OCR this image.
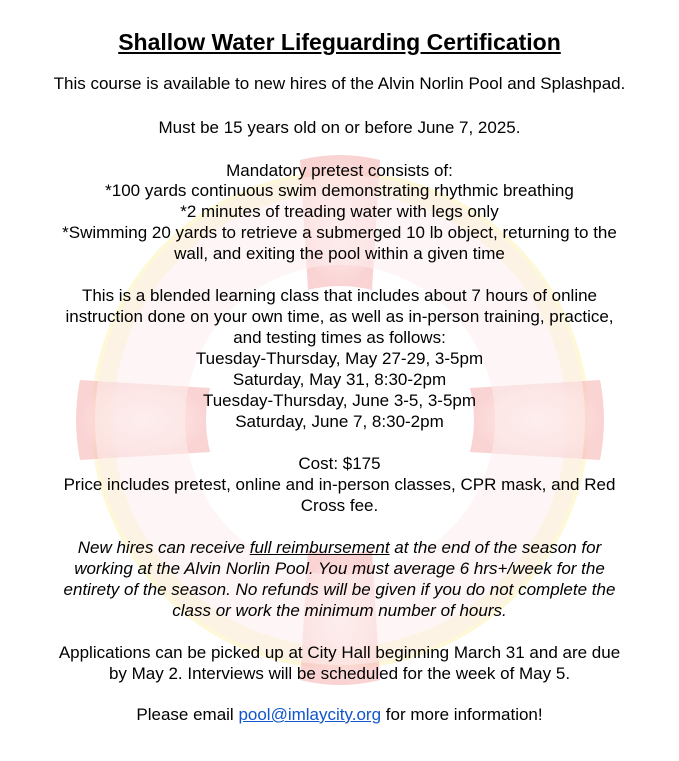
Shallow Water Lifeguarding Certification

This course is available to new hires of the Alvin Norlin Pool and Splashpad.

Must be 15 years old on or before June 7, 2025.

Mandatory pretest consists of:

*100 yards continuous swim demonstrating rhythmic breathing

*2 minutes of treading water with legs only

*Swimming 20 yards to retrieve a submerged 10 lb object, returning to the

wall, and exiting the pool within a given time

This is a blended learning class that includes about 7 hours of online

instruction done on your own time, as well as in-person training, practice,

and testing times as follows:

Tuesday-Thursday, May 27-29, 3-5pm

Saturday, May 31, 8:30-2pm

Tuesday-Thursday, June 3-5, 3-5pm

Saturday, June 7, 8:30-2pm

Cost: $175

Price includes pretest, online and in-person classes, CPR mask, and Red

Cross fee.

New hires can receive full reimbursement at the end of the season for

working at the Alvin Norlin Pool. You must average 6 hrs+/week for the

entirety of the season. No refunds will be given if you do not complete the

class or work the minimum number of hours.

Applications can be picked up at City Hall beginning March 31 and are due

by May 2. Interviews will be scheduled for the week of May 5.

Please email pool@imlaycity.org for more information!
